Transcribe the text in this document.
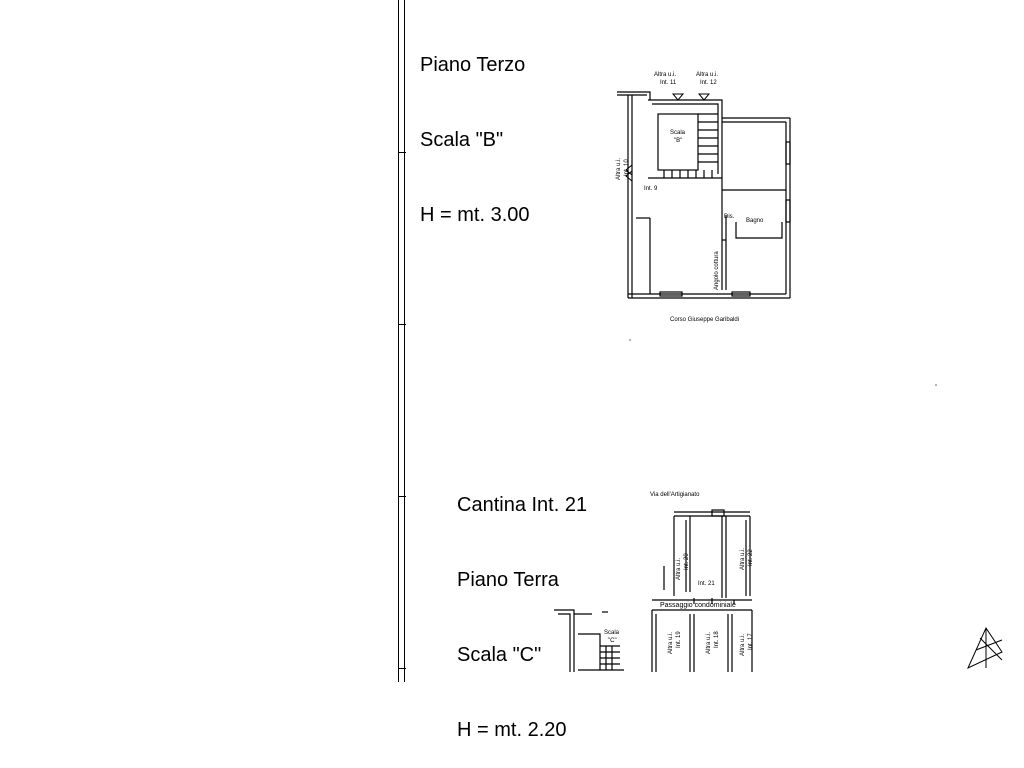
Piano Terzo

Scala "B"

H = mt. 3.00

Cantina Int. 21

Piano Terra

Scala "C"

H = mt. 2.20

Altra u.i.
Int. 11
Altra u.i.
Int. 12
Scala
"B"
Altra u.i. Int. 10
Int. 9
Dis.
Bagno
Angolo cottura
Corso Giuseppe Garibaldi
Via dell'Artigianato
Altra u.i. Int. 20	Altra u.i. Int. 22
Int. 21
Passaggio condominiale
Scala
"C"	Altra u.i. Int. 19	Altra u.i. Int. 18	Altra u.i. Int. 17
